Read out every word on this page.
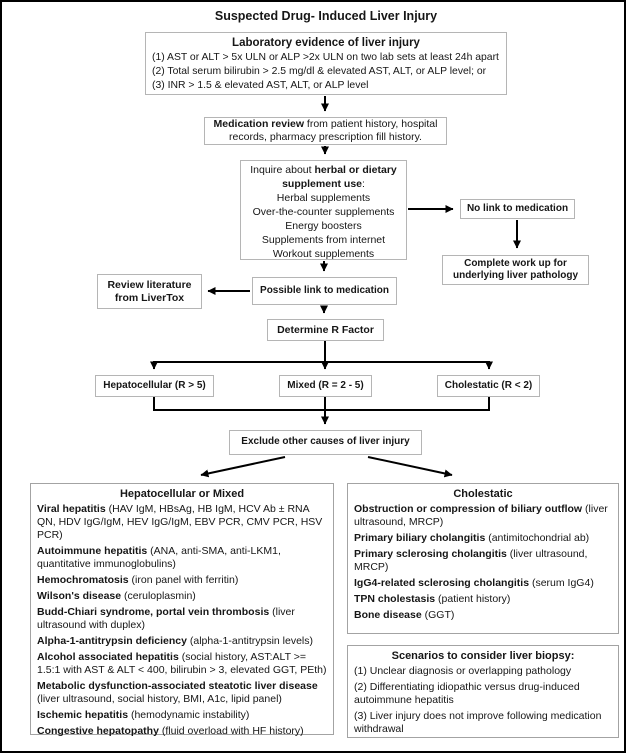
Suspected Drug- Induced Liver Injury
Laboratory evidence of liver injury
(1) AST or ALT > 5x ULN or ALP >2x ULN on two lab sets at least 24h apart
(2) Total serum bilirubin > 2.5 mg/dl & elevated AST, ALT, or ALP level; or
(3) INR > 1.5 & elevated AST, ALT, or ALP level
Medication review from patient history, hospital records, pharmacy prescription fill history.
Inquire about herbal or dietary supplement use:
Herbal supplements
Over-the-counter supplements
Energy boosters
Supplements from internet
Workout supplements
No link to medication
Complete work up for underlying liver pathology
Review literature from LiverTox
Possible link to medication
Determine R Factor
Hepatocellular (R > 5)	Mixed (R = 2 - 5)	Cholestatic (R < 2)
Exclude other causes of liver injury
Hepatocellular or Mixed
Viral hepatitis (HAV IgM, HBsAg, HB IgM, HCV Ab ± RNA QN, HDV IgG/IgM, HEV IgG/IgM, EBV PCR, CMV PCR, HSV PCR)
Autoimmune hepatitis (ANA, anti-SMA, anti-LKM1, quantitative immunoglobulins)
Hemochromatosis (iron panel with ferritin)
Wilson's disease (ceruloplasmin)
Budd-Chiari syndrome, portal vein thrombosis (liver ultrasound with duplex)
Alpha-1-antitrypsin deficiency (alpha-1-antitrypsin levels)
Alcohol associated hepatitis (social history, AST:ALT >= 1.5:1 with AST & ALT < 400, bilirubin > 3, elevated GGT, PEth)
Metabolic dysfunction-associated steatotic liver disease (liver ultrasound, social history, BMI, A1c, lipid panel)
Ischemic hepatitis (hemodynamic instability)
Congestive hepatopathy (fluid overload with HF history)
Cholestatic
Obstruction or compression of biliary outflow (liver ultrasound, MRCP)
Primary biliary cholangitis (antimitochondrial ab)
Primary sclerosing cholangitis (liver ultrasound, MRCP)
IgG4-related sclerosing cholangitis (serum IgG4)
TPN cholestasis (patient history)
Bone disease (GGT)
Scenarios to consider liver biopsy:
(1) Unclear diagnosis or overlapping pathology
(2) Differentiating idiopathic versus drug-induced autoimmune hepatitis
(3) Liver injury does not improve following medication withdrawal
